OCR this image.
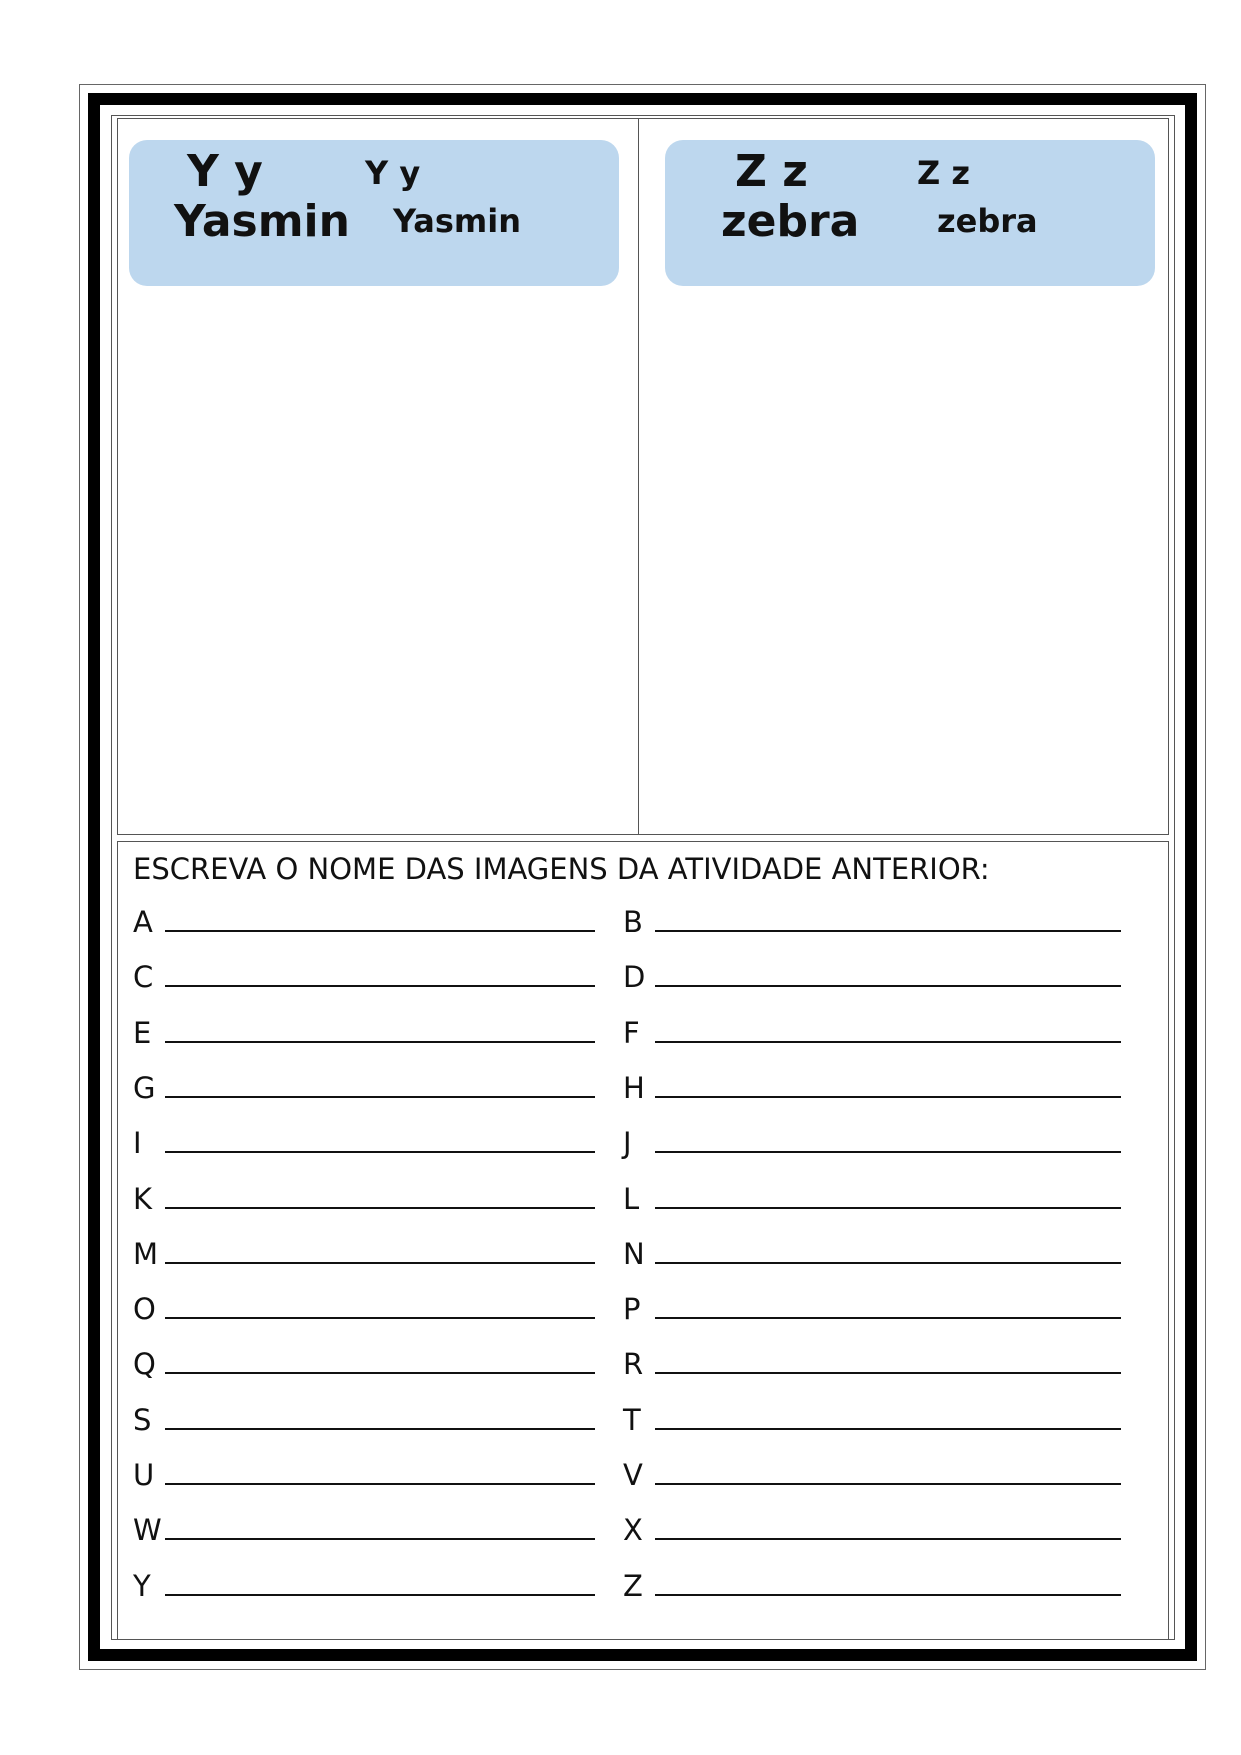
Y y
Yasmin
Y y
Yasmin
Z z
zebra
Z z
zebra
ESCREVA O NOME DAS IMAGENS DA ATIVIDADE ANTERIOR:
A	B
C	D
E	F
G	H
I	J
K	L
M	N
O	P
Q	R
S	T
U	V
W	X
Y	Z
